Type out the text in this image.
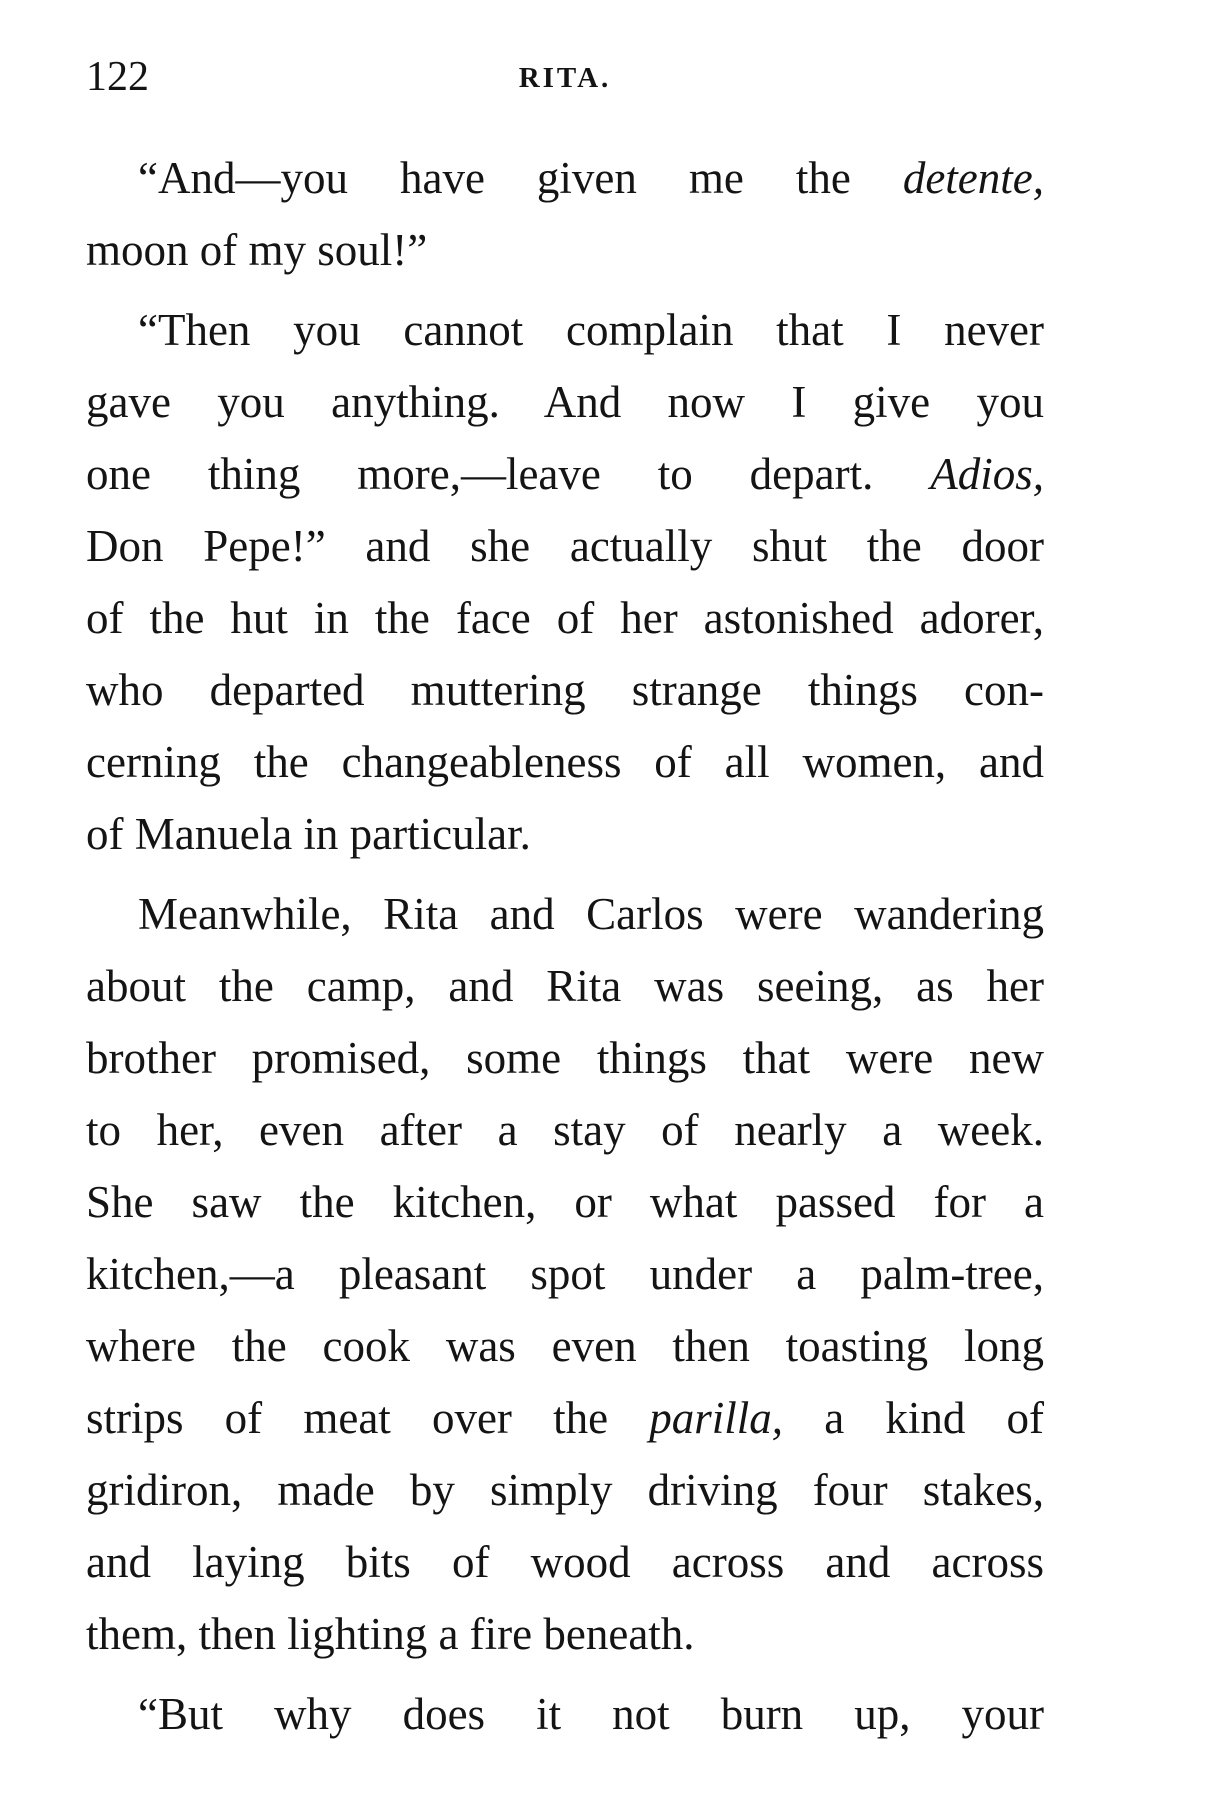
122	RITA.
“And—you have given me the detente,
moon of my soul!”
“Then you cannot complain that I never
gave you anything. And now I give you
one thing more,—leave to depart. Adios,
Don Pepe!” and she actually shut the door
of the hut in the face of her astonished adorer,
who departed muttering strange things con-
cerning the changeableness of all women, and
of Manuela in particular.
Meanwhile, Rita and Carlos were wandering
about the camp, and Rita was seeing, as her
brother promised, some things that were new
to her, even after a stay of nearly a week.
She saw the kitchen, or what passed for a
kitchen,—a pleasant spot under a palm-tree,
where the cook was even then toasting long
strips of meat over the parilla, a kind of
gridiron, made by simply driving four stakes,
and laying bits of wood across and across
them, then lighting a fire beneath.
“But why does it not burn up, your
